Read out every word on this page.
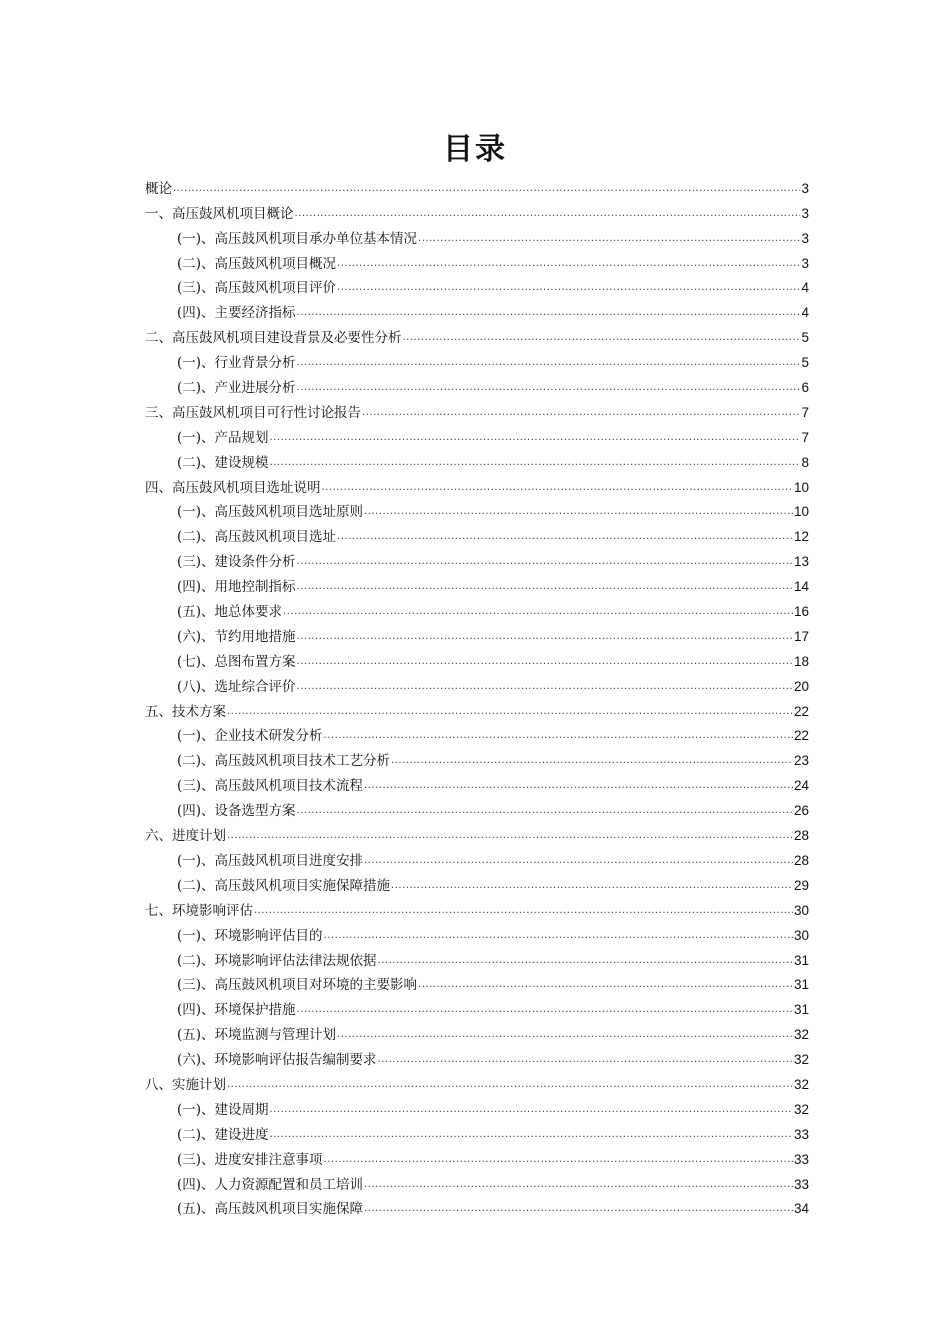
目录
概论 .....	3
一、高压鼓风机项目概论 .....	3
(一)、高压鼓风机项目承办单位基本情况 .....	3
(二)、高压鼓风机项目概况 .....	3
(三)、高压鼓风机项目评价 .....	4
(四)、主要经济指标 .....	4
二、高压鼓风机项目建设背景及必要性分析 .....	5
(一)、行业背景分析 .....	5
(二)、产业进展分析 .....	6
三、高压鼓风机项目可行性讨论报告 .....	7
(一)、产品规划 .....	7
(二)、建设规模 .....	8
四、高压鼓风机项目选址说明 .....	10
(一)、高压鼓风机项目选址原则 .....	10
(二)、高压鼓风机项目选址 .....	12
(三)、建设条件分析 .....	13
(四)、用地控制指标 .....	14
(五)、地总体要求 .....	16
(六)、节约用地措施 .....	17
(七)、总图布置方案 .....	18
(八)、选址综合评价 .....	20
五、技术方案 .....	22
(一)、企业技术研发分析 .....	22
(二)、高压鼓风机项目技术工艺分析 .....	23
(三)、高压鼓风机项目技术流程 .....	24
(四)、设备选型方案 .....	26
六、进度计划 .....	28
(一)、高压鼓风机项目进度安排 .....	28
(二)、高压鼓风机项目实施保障措施 .....	29
七、环境影响评估 .....	30
(一)、环境影响评估目的 .....	30
(二)、环境影响评估法律法规依据 .....	31
(三)、高压鼓风机项目对环境的主要影响 .....	31
(四)、环境保护措施 .....	31
(五)、环境监测与管理计划 .....	32
(六)、环境影响评估报告编制要求 .....	32
八、实施计划 .....	32
(一)、建设周期 .....	32
(二)、建设进度 .....	33
(三)、进度安排注意事项 .....	33
(四)、人力资源配置和员工培训 .....	33
(五)、高压鼓风机项目实施保障 .....	34
